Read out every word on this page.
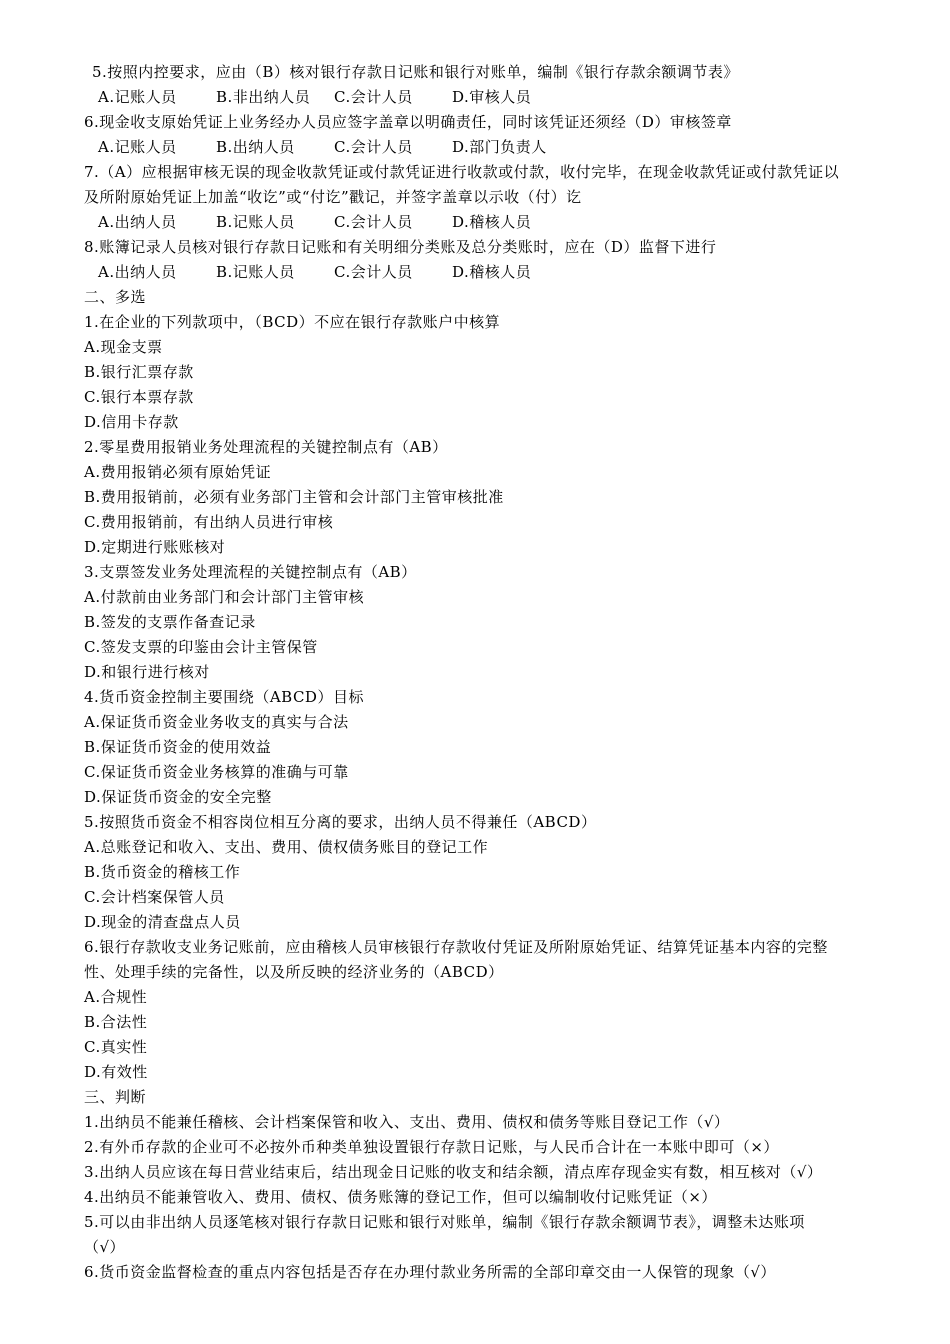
5.按照内控要求，应由（B）核对银行存款日记账和银行对账单，编制《银行存款余额调节表》
A.记账人员	B.非出纳人员 C.会计人员	D.审核人员
6.现金收支原始凭证上业务经办人员应签字盖章以明确责任，同时该凭证还须经（D）审核签章
A.记账人员	B.出纳人员	C.会计人员	D.部门负责人
7.（A）应根据审核无误的现金收款凭证或付款凭证进行收款或付款，收付完毕，在现金收款凭证或付款凭证以
及所附原始凭证上加盖“收讫”或“付讫”戳记，并签字盖章以示收（付）讫
A.出纳人员	B.记账人员	C.会计人员	D.稽核人员
8.账簿记录人员核对银行存款日记账和有关明细分类账及总分类账时，应在（D）监督下进行
A.出纳人员	B.记账人员	C.会计人员	D.稽核人员
二、多选
1.在企业的下列款项中，（BCD）不应在银行存款账户中核算
A.现金支票
B.银行汇票存款
C.银行本票存款
D.信用卡存款
2.零星费用报销业务处理流程的关键控制点有（AB）
A.费用报销必须有原始凭证
B.费用报销前，必须有业务部门主管和会计部门主管审核批准
C.费用报销前，有出纳人员进行审核
D.定期进行账账核对
3.支票签发业务处理流程的关键控制点有（AB）
A.付款前由业务部门和会计部门主管审核
B.签发的支票作备查记录
C.签发支票的印鉴由会计主管保管
D.和银行进行核对
4.货币资金控制主要围绕（ABCD）目标
A.保证货币资金业务收支的真实与合法
B.保证货币资金的使用效益
C.保证货币资金业务核算的准确与可靠
D.保证货币资金的安全完整
5.按照货币资金不相容岗位相互分离的要求，出纳人员不得兼任（ABCD）
A.总账登记和收入、支出、费用、债权债务账目的登记工作
B.货币资金的稽核工作
C.会计档案保管人员
D.现金的清查盘点人员
6.银行存款收支业务记账前，应由稽核人员审核银行存款收付凭证及所附原始凭证、结算凭证基本内容的完整
性、处理手续的完备性，以及所反映的经济业务的（ABCD）
A.合规性
B.合法性
C.真实性
D.有效性
三、判断
1.出纳员不能兼任稽核、会计档案保管和收入、支出、费用、债权和债务等账目登记工作（√）
2.有外币存款的企业可不必按外币种类单独设置银行存款日记账，与人民币合计在一本账中即可（×）
3.出纳人员应该在每日营业结束后，结出现金日记账的收支和结余额，清点库存现金实有数，相互核对（√）
4.出纳员不能兼管收入、费用、债权、债务账簿的登记工作，但可以编制收付记账凭证（×）
5.可以由非出纳人员逐笔核对银行存款日记账和银行对账单，编制《银行存款余额调节表》，调整未达账项
（√）
6.货币资金监督检查的重点内容包括是否存在办理付款业务所需的全部印章交由一人保管的现象（√）
